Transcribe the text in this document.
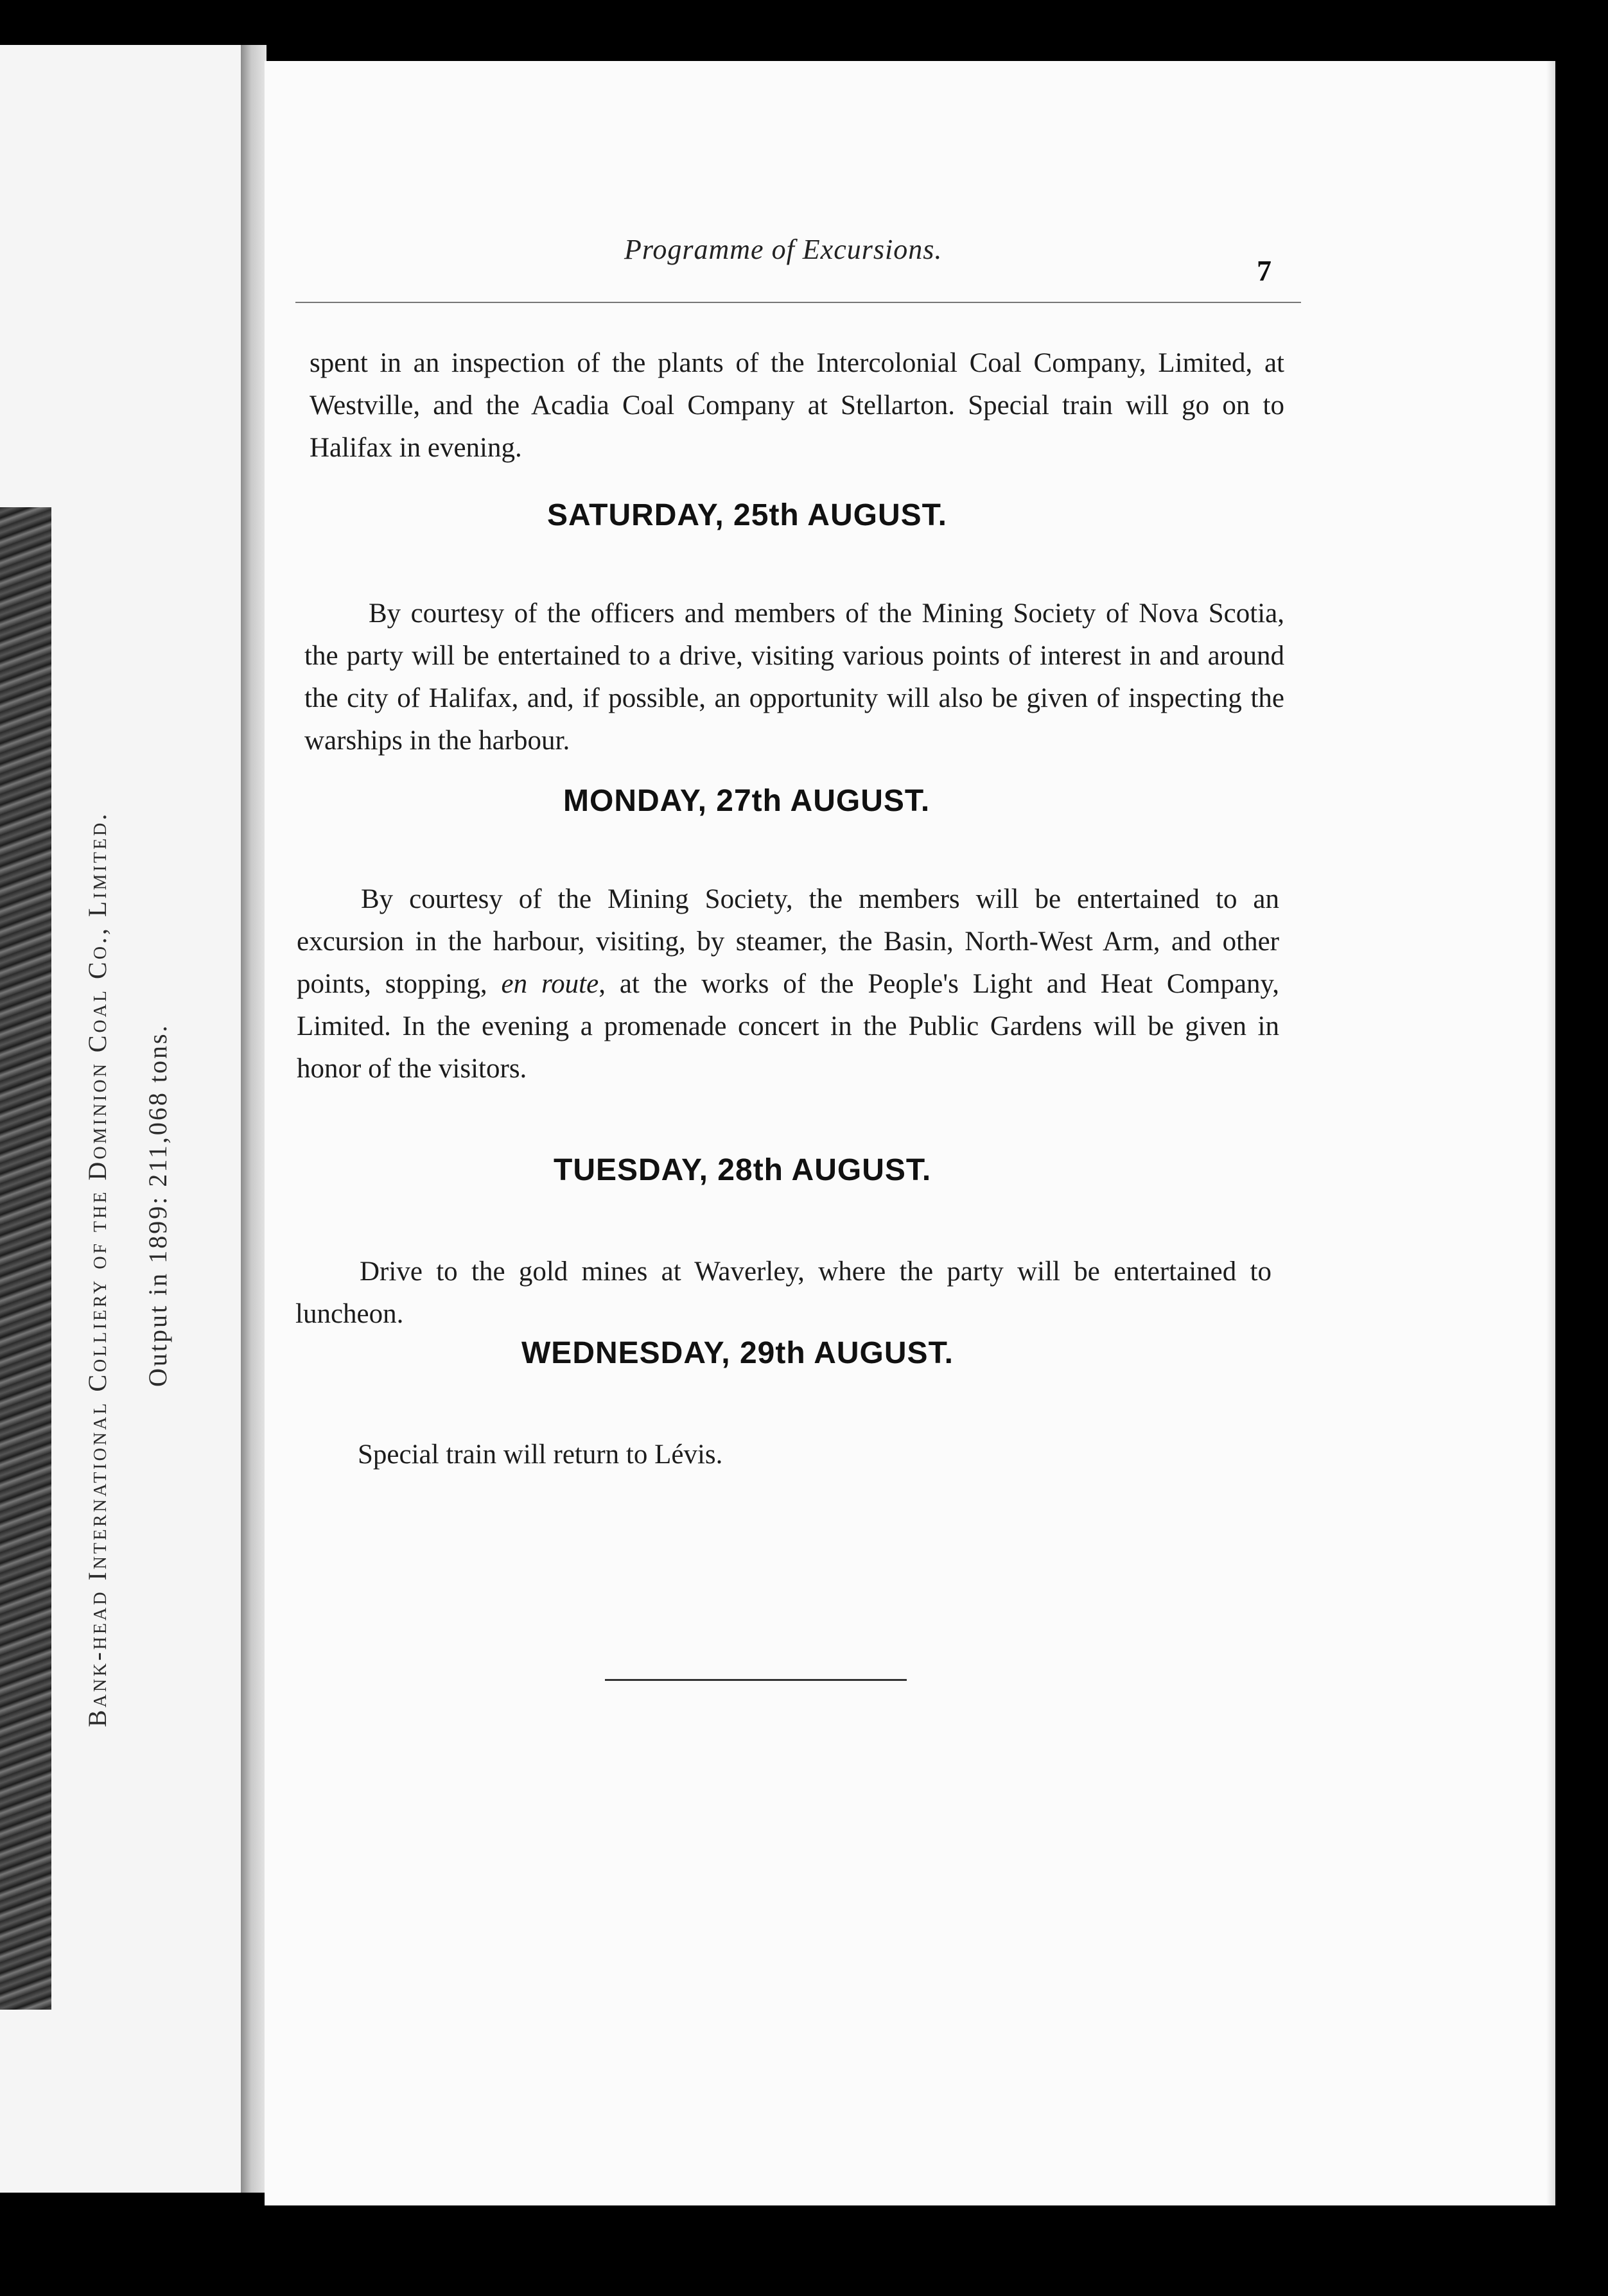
Bank-head International Colliery of the Dominion Coal Co., Limited. Output in 1899: 211,068 tons.
Programme of Excursions.
7

spent in an inspection of the plants of the Intercolonial Coal Company, Limited, at Westville, and the Acadia Coal Company at Stellarton. Special train will go on to Halifax in evening.

SATURDAY, 25th AUGUST.

By courtesy of the officers and members of the Mining Society of Nova Scotia, the party will be entertained to a drive, visiting various points of interest in and around the city of Halifax, and, if possible, an opportunity will also be given of inspecting the warships in the harbour.

MONDAY, 27th AUGUST.

By courtesy of the Mining Society, the members will be entertained to an excursion in the harbour, visiting, by steamer, the Basin, North-West Arm, and other points, stopping, en route, at the works of the People's Light and Heat Company, Limited. In the evening a promenade concert in the Public Gardens will be given in honor of the visitors.

TUESDAY, 28th AUGUST.

Drive to the gold mines at Waverley, where the party will be entertained to luncheon.

WEDNESDAY, 29th AUGUST.

Special train will return to Lévis.
